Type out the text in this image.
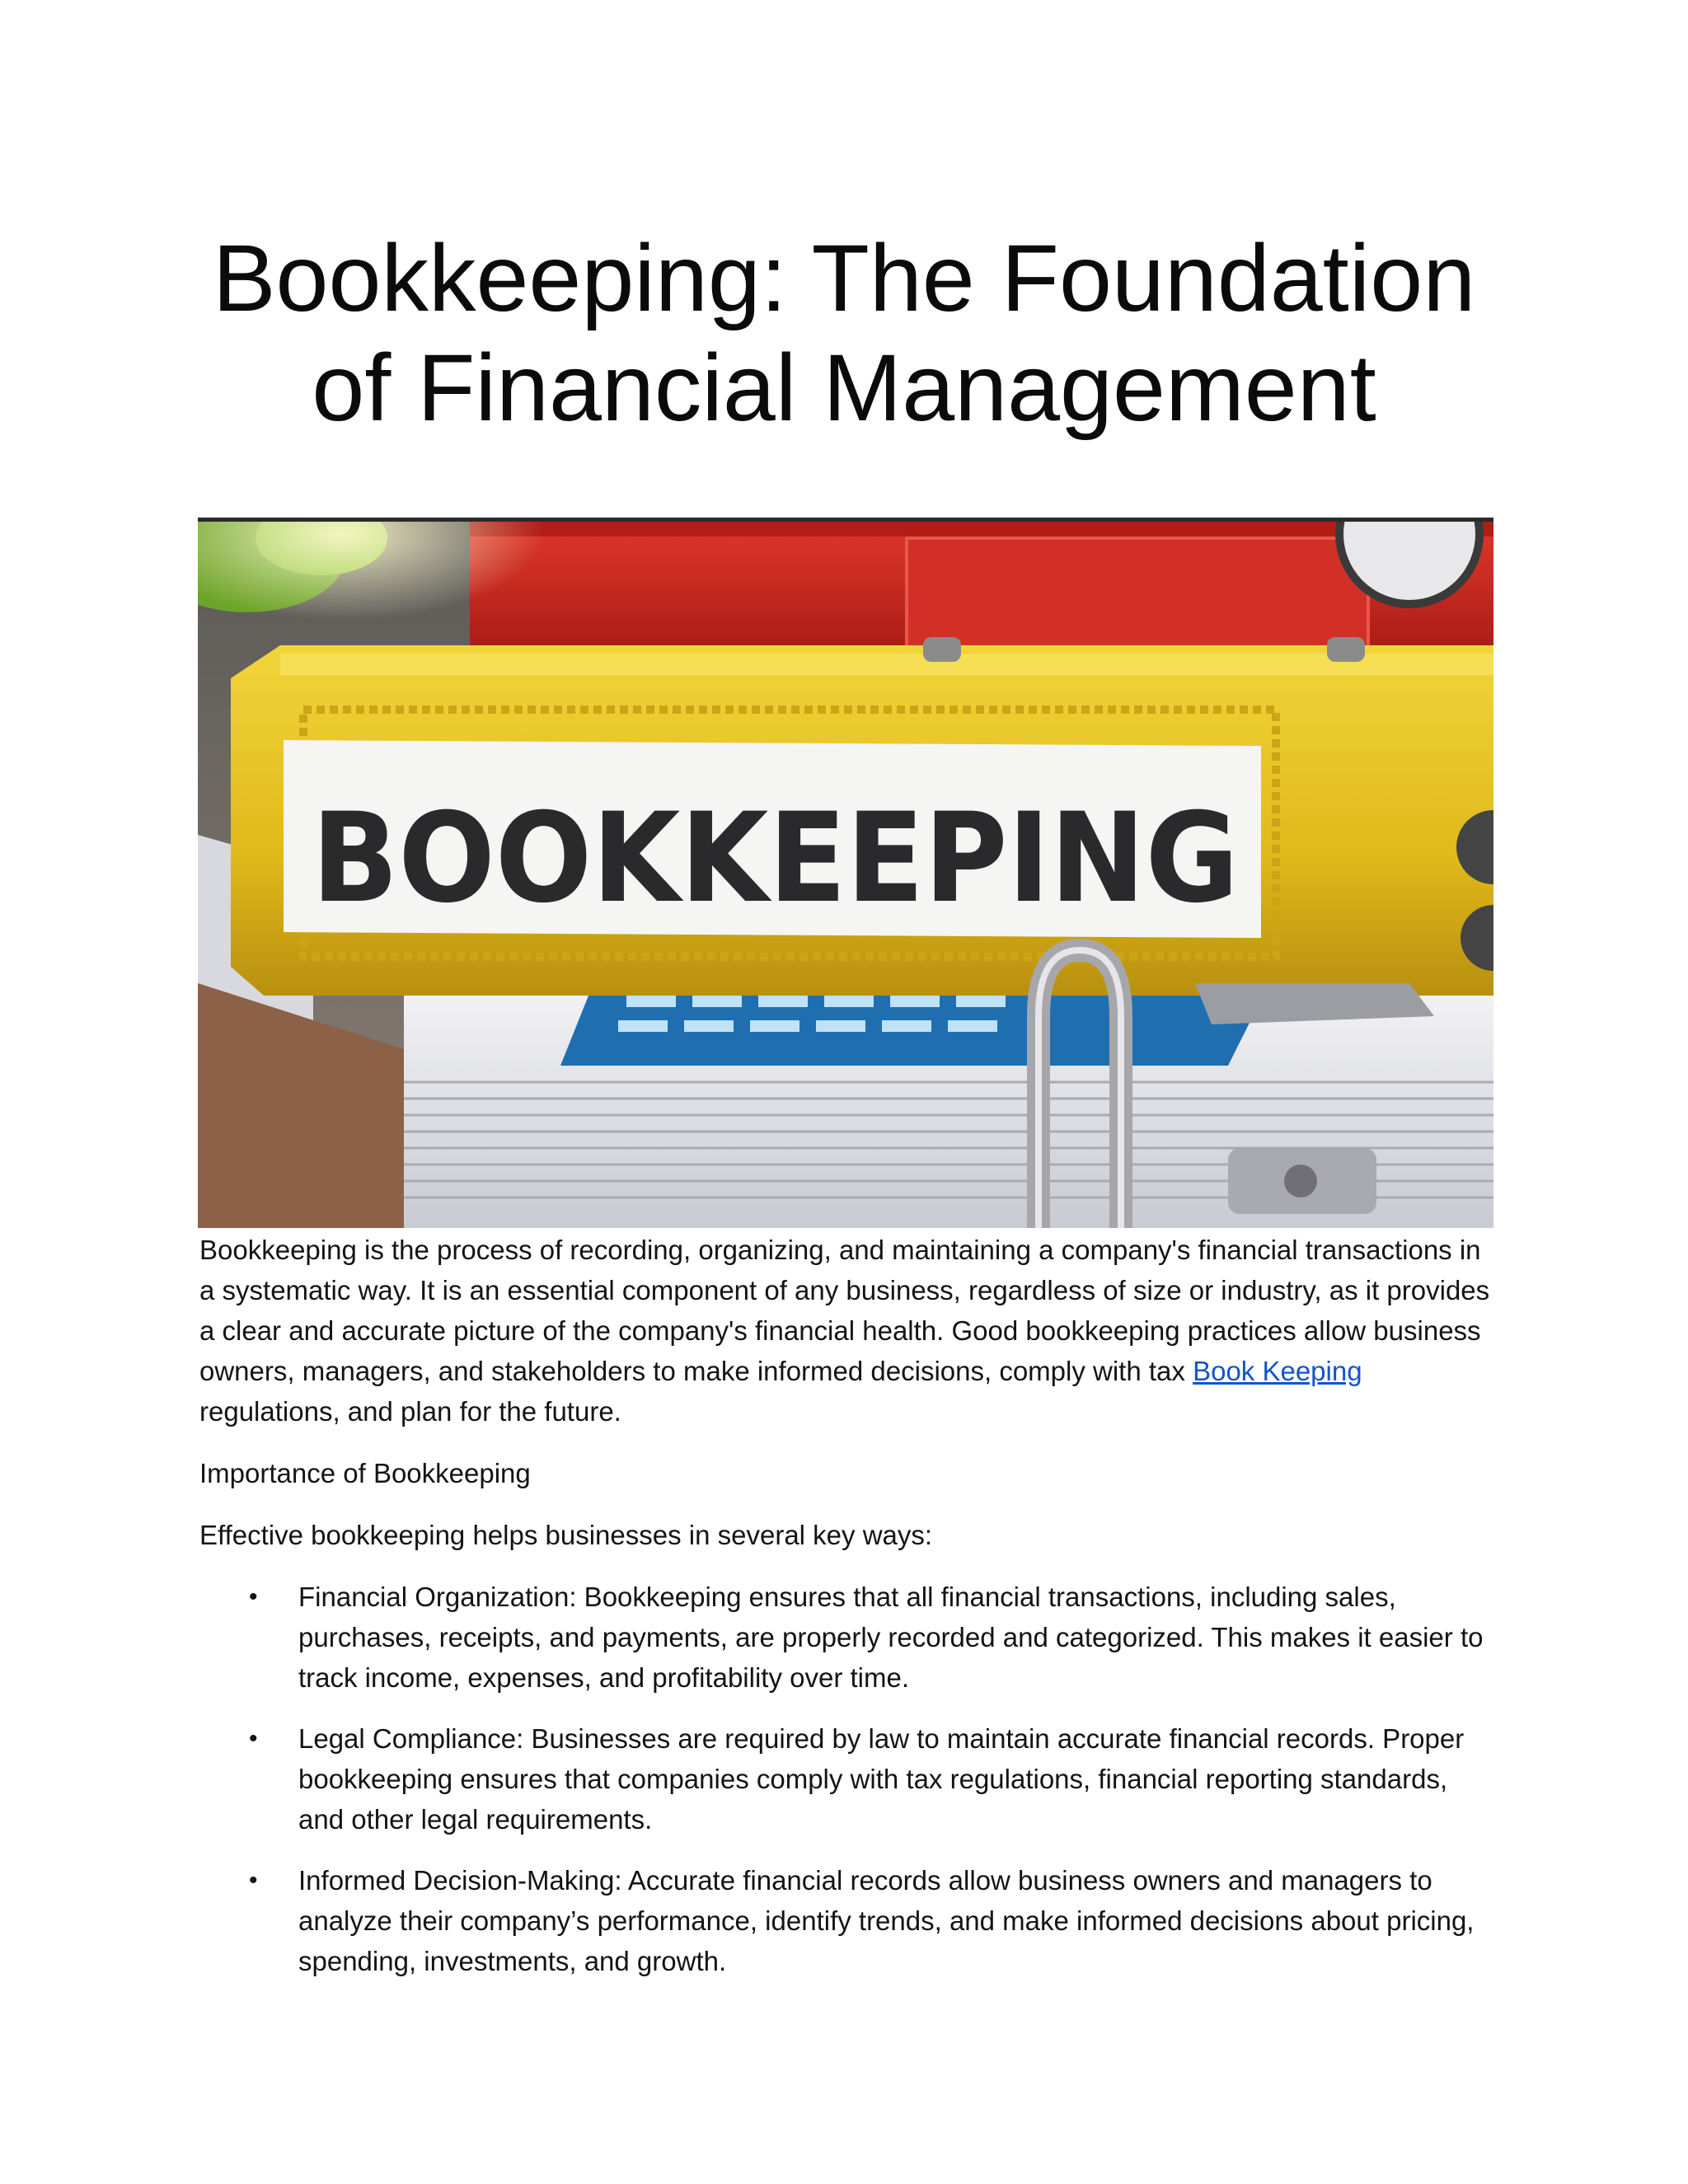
Bookkeeping: The Foundation
of Financial Management
BOOKKEEPING

Bookkeeping is the process of recording, organizing, and maintaining a company's financial transactions in a systematic way. It is an essential component of any business, regardless of size or industry, as it provides a clear and accurate picture of the company's financial health. Good bookkeeping practices allow business owners, managers, and stakeholders to make informed decisions, comply with tax Book Keeping regulations, and plan for the future.

Importance of Bookkeeping

Effective bookkeeping helps businesses in several key ways:

• Financial Organization: Bookkeeping ensures that all financial transactions, including sales, purchases, receipts, and payments, are properly recorded and categorized. This makes it easier to track income, expenses, and profitability over time.
• Legal Compliance: Businesses are required by law to maintain accurate financial records. Proper bookkeeping ensures that companies comply with tax regulations, financial reporting standards, and other legal requirements.
• Informed Decision-Making: Accurate financial records allow business owners and managers to analyze their company’s performance, identify trends, and make informed decisions about pricing, spending, investments, and growth.
